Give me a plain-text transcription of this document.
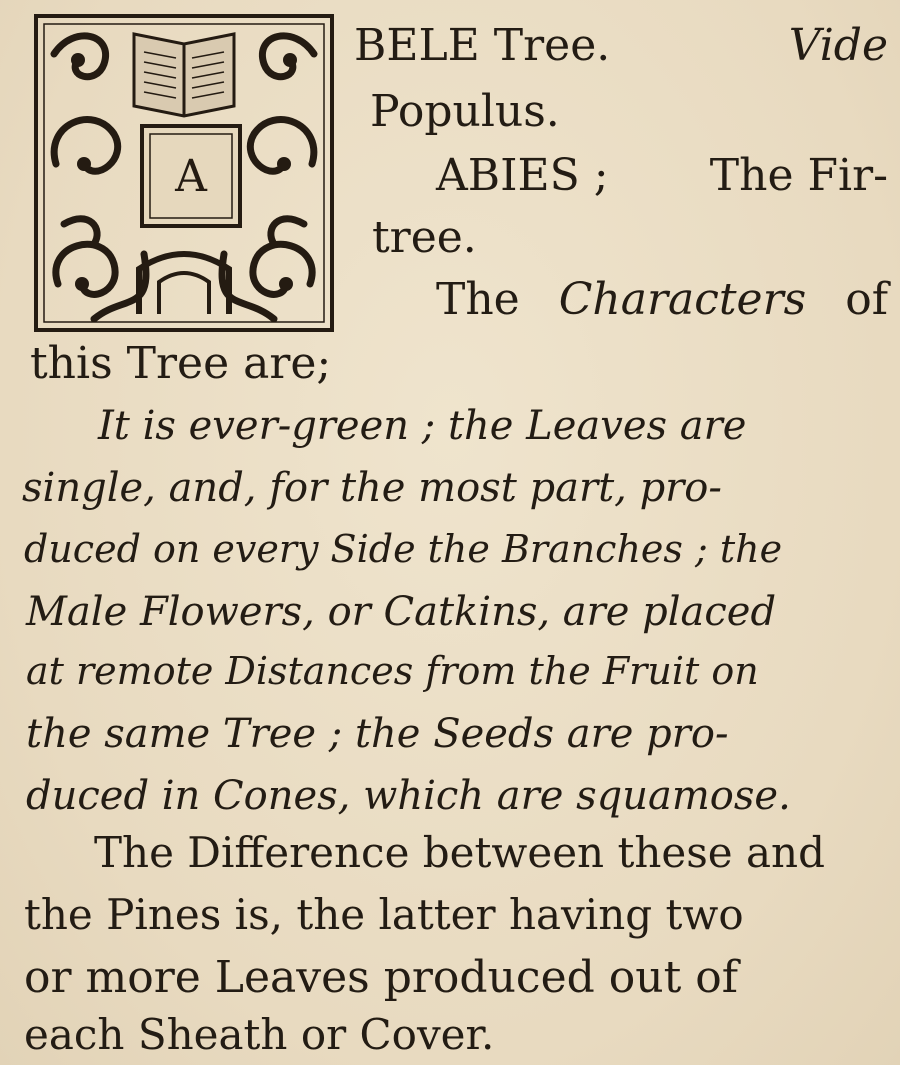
A
BELE Tree.	Vide
Populus.
ABIES ; The Fir-
tree.
The Characters of
this Tree are;
It is ever-green ; the Leaves are
single, and, for the most part, pro-
duced on every Side the Branches ; the
Male Flowers, or Catkins, are placed
at remote Distances from the Fruit on
the same Tree ; the Seeds are pro-
duced in Cones, which are squamose.
The Difference between these and
the Pines is, the latter having two
or more Leaves produced out of
each Sheath or Cover.
